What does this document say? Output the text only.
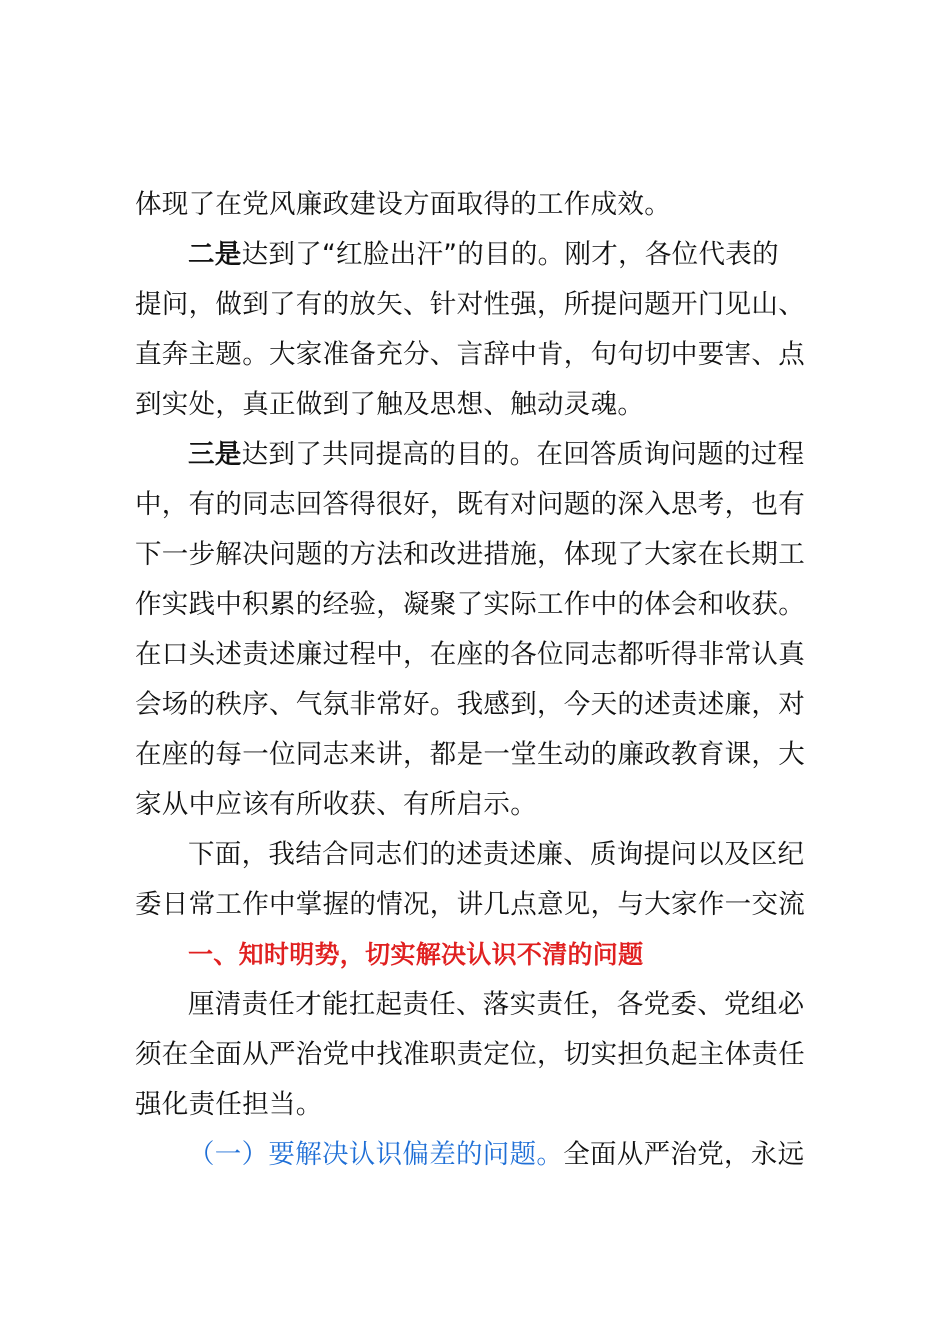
体现了在党风廉政建设方面取得的工作成效。

二是达到了“红脸出汗”的目的。刚才，各位代表的
提问，做到了有的放矢、针对性强，所提问题开门见山、
直奔主题。大家准备充分、言辞中肯，句句切中要害、点
到实处，真正做到了触及思想、触动灵魂。

三是达到了共同提高的目的。在回答质询问题的过程
中，有的同志回答得很好，既有对问题的深入思考，也有
下一步解决问题的方法和改进措施，体现了大家在长期工
作实践中积累的经验，凝聚了实际工作中的体会和收获。
在口头述责述廉过程中，在座的各位同志都听得非常认真
会场的秩序、气氛非常好。我感到，今天的述责述廉，对
在座的每一位同志来讲，都是一堂生动的廉政教育课，大
家从中应该有所收获、有所启示。

下面，我结合同志们的述责述廉、质询提问以及区纪
委日常工作中掌握的情况，讲几点意见，与大家作一交流

一、知时明势，切实解决认识不清的问题

厘清责任才能扛起责任、落实责任，各党委、党组必
须在全面从严治党中找准职责定位，切实担负起主体责任
强化责任担当。

（一）要解决认识偏差的问题。全面从严治党，永远
